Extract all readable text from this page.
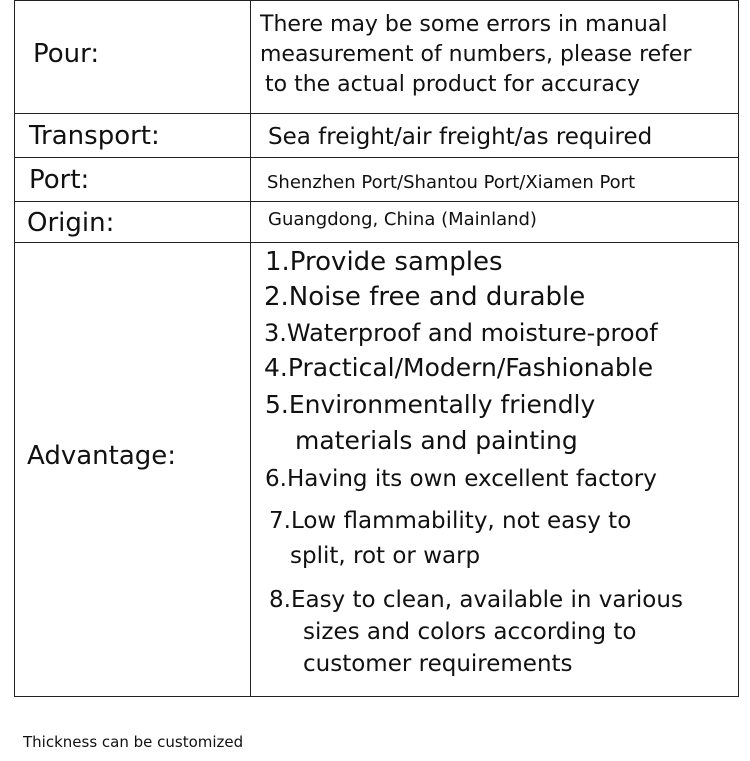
Pour:
There may be some errors in manual
measurement of numbers, please refer
to the actual product for accuracy
Transport:	Sea freight/air freight/as required
Port:	Shenzhen Port/Shantou Port/Xiamen Port
Origin:	Guangdong, China (Mainland)
Advantage:
1.Provide samples
2.Noise free and durable
3.Waterproof and moisture-proof
4.Practical/Modern/Fashionable
5.Environmentally friendly
materials and painting
6.Having its own excellent factory
7.Low flammability, not easy to
split, rot or warp
8.Easy to clean, available in various
sizes and colors according to
customer requirements
Thickness can be customized
